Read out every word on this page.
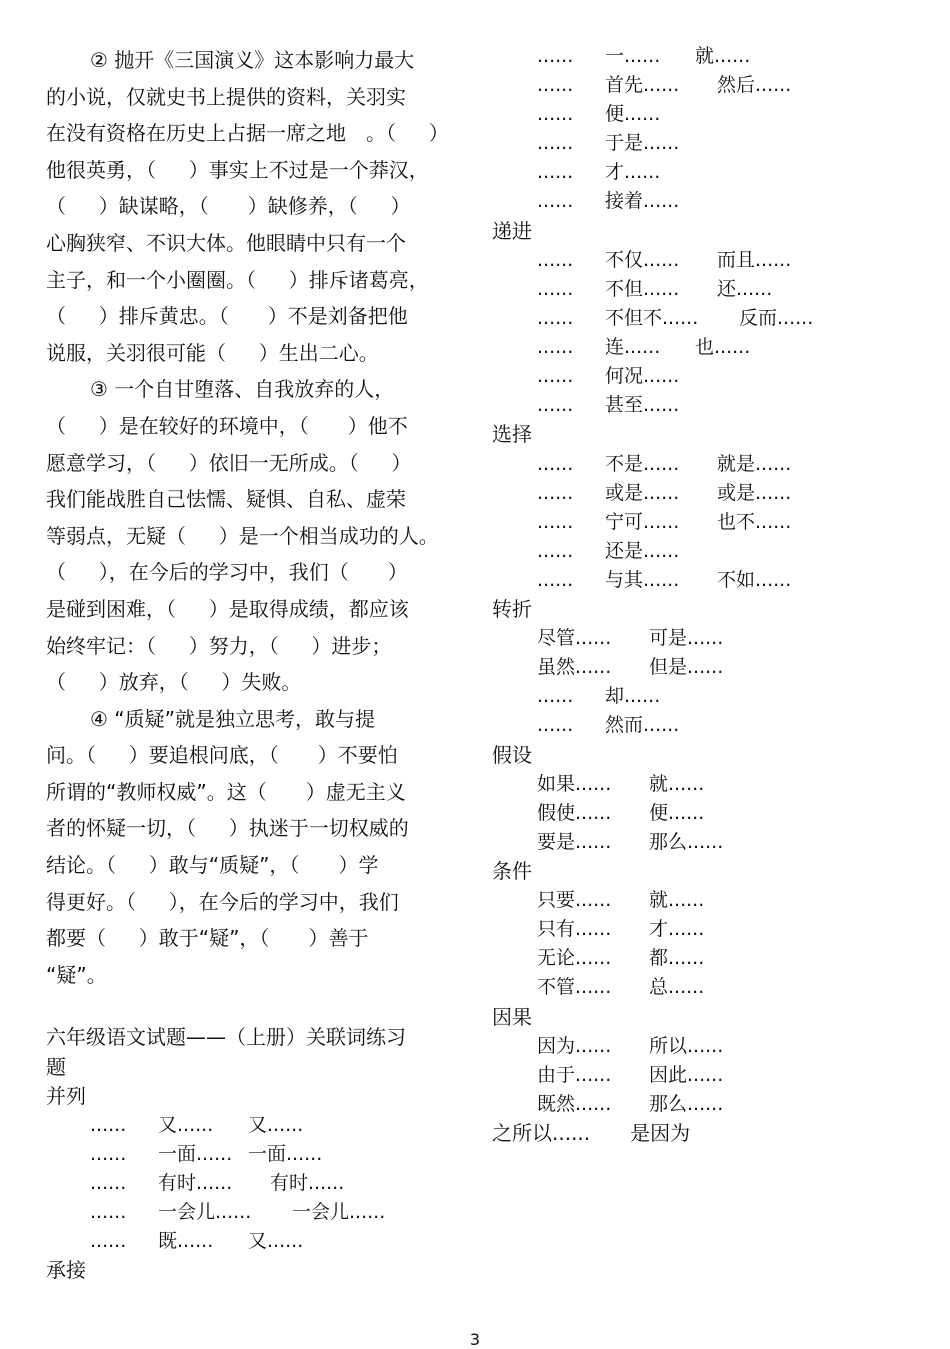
② 抛开《三国演义》这本影响力最大
的小说，仅就史书上提供的资料，关羽实
在没有资格在历史上占据一席之地　。（　  ）
他很英勇，（　  ）事实上不过是一个莽汉，
（　  ）缺谋略，（　   ）缺修养，（　  ）
心胸狭窄、不识大体。他眼睛中只有一个
主子，和一个小圈圈。（　  ）排斥诸葛亮，
（　  ）排斥黄忠。（　   ）不是刘备把他
说服，关羽很可能（　  ）生出二心。
③ 一个自甘堕落、自我放弃的人，
（　  ）是在较好的环境中，（　   ）他不
愿意学习，（　  ）依旧一无所成。（　  ）
我们能战胜自己怯懦、疑惧、自私、虚荣
等弱点，无疑（　  ）是一个相当成功的人。
（　  ），在今后的学习中，我们（　   ）
是碰到困难，（　  ）是取得成绩，都应该
始终牢记：（　  ）努力，（　  ）进步；
（　  ）放弃，（　  ）失败。
④ “质疑”就是独立思考，敢与提
问。（　  ）要追根问底，（　   ）不要怕
所谓的“教师权威”。这（　   ）虚无主义
者的怀疑一切，（　  ）执迷于一切权威的
结论。（　  ）敢与“质疑”，（　   ）学
得更好。（　  ），在今后的学习中，我们
都要（　  ）敢于“疑”，（　   ）善于
“疑”。
六年级语文试题——（上册）关联词练习
题
并列
......	又......	又......
......	一面...... 一面......
......	有时......	有时......
......	一会儿......	一会儿......
......	既......	又......
承接
......	一......	就......
......	首先......	然后......
......	便......
......	于是......
......	才......
......	接着......
递进
......	不仅......	而且......
......	不但......	还......
......	不但不......	反而......
......	连......	也......
......	何况......
......	甚至......
选择
......	不是......	就是......
......	或是......	或是......
......	宁可......	也不......
......	还是......
......	与其......	不如......
转折
尽管......	可是......
虽然......	但是......
......	却......
......	然而......
假设
如果......	就......
假使......	便......
要是......	那么......
条件
只要......	就......
只有......	才......
无论......	都......
不管......	总......
因果
因为......	所以......
由于......	因此......
既然......	那么......
之所以......　　是因为
3
